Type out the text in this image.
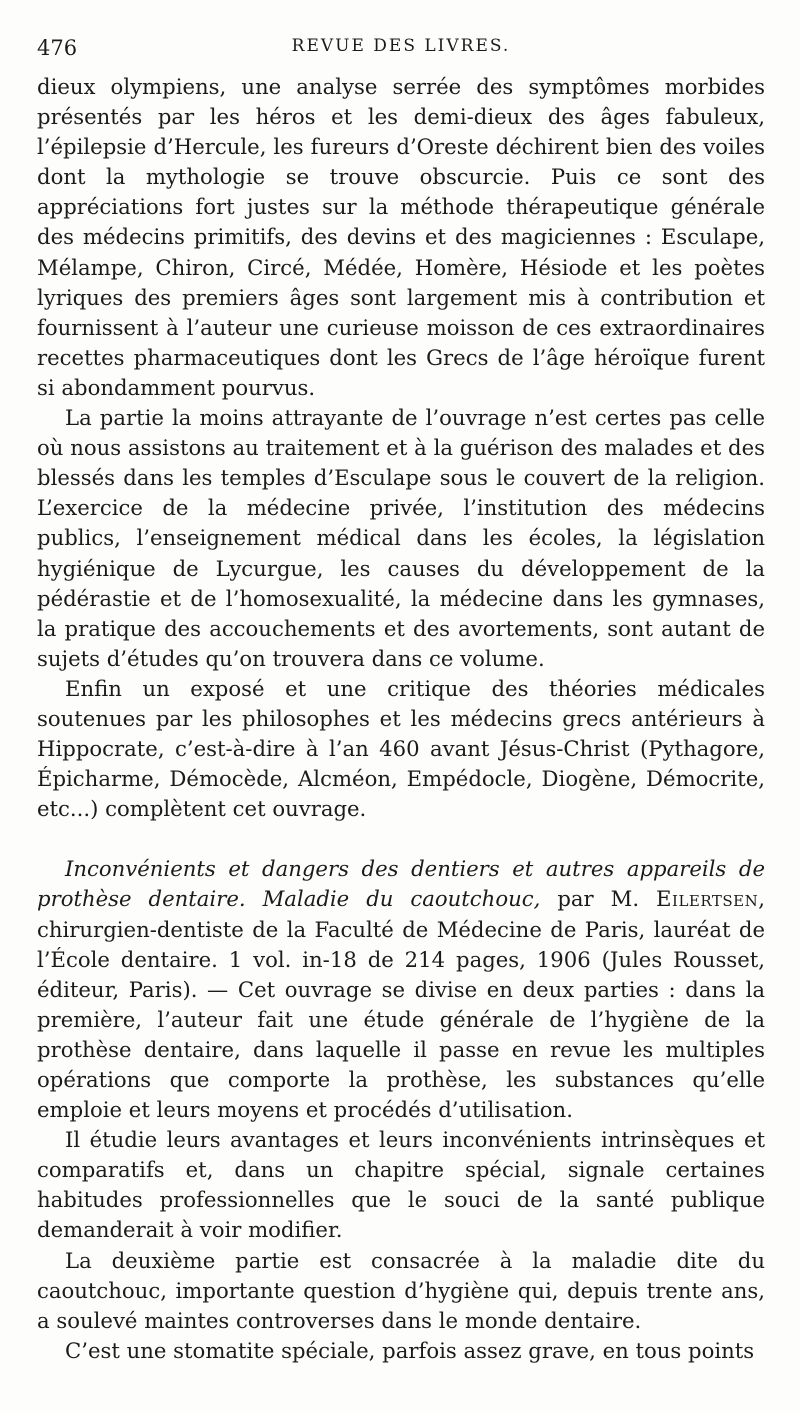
476	REVUE DES LIVRES.

dieux olympiens, une analyse serrée des symptômes morbides présentés par les héros et les demi-dieux des âges fabuleux, l’épilepsie d’Hercule, les fureurs d’Oreste déchirent bien des voiles dont la mythologie se trouve obscurcie. Puis ce sont des appréciations fort justes sur la méthode thérapeutique générale des médecins primitifs, des devins et des magiciennes : Esculape, Mélampe, Chiron, Circé, Médée, Homère, Hésiode et les poètes lyriques des premiers âges sont largement mis à contribution et fournissent à l’auteur une curieuse moisson de ces extraordinaires recettes pharmaceutiques dont les Grecs de l’âge héroïque furent si abondamment pourvus.

La partie la moins attrayante de l’ouvrage n’est certes pas celle où nous assistons au traitement et à la guérison des malades et des blessés dans les temples d’Esculape sous le couvert de la religion. L’exercice de la médecine privée, l’institution des médecins publics, l’enseignement médical dans les écoles, la législation hygiénique de Lycurgue, les causes du développement de la pédérastie et de l’homosexualité, la médecine dans les gymnases, la pratique des accouchements et des avortements, sont autant de sujets d’études qu’on trouvera dans ce volume.

Enfin un exposé et une critique des théories médicales soutenues par les philosophes et les médecins grecs antérieurs à Hippocrate, c’est-à-dire à l’an 460 avant Jésus-Christ (Pythagore, Épicharme, Démocède, Alcméon, Empédocle, Diogène, Démocrite, etc...) complètent cet ouvrage.

Inconvénients et dangers des dentiers et autres appareils de prothèse dentaire. Maladie du caoutchouc, par M. Eilertsen, chirurgien-dentiste de la Faculté de Médecine de Paris, lauréat de l’École dentaire. 1 vol. in-18 de 214 pages, 1906 (Jules Rousset, éditeur, Paris). — Cet ouvrage se divise en deux parties : dans la première, l’auteur fait une étude générale de l’hygiène de la prothèse dentaire, dans laquelle il passe en revue les multiples opérations que comporte la prothèse, les substances qu’elle emploie et leurs moyens et procédés d’utilisation.

Il étudie leurs avantages et leurs inconvénients intrinsèques et comparatifs et, dans un chapitre spécial, signale certaines habitudes professionnelles que le souci de la santé publique demanderait à voir modifier.

La deuxième partie est consacrée à la maladie dite du caoutchouc, importante question d’hygiène qui, depuis trente ans, a soulevé maintes controverses dans le monde dentaire.

C’est une stomatite spéciale, parfois assez grave, en tous points
